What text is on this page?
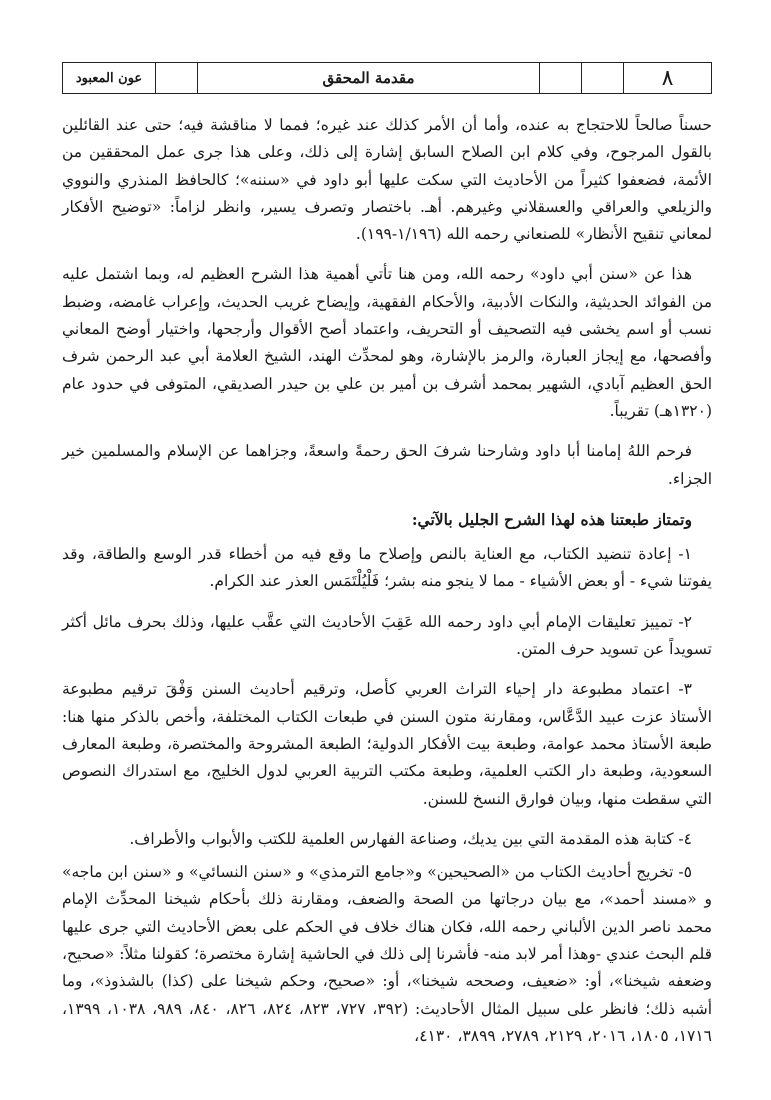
٨
مقدمة المحقق
عون المعبود

حسناً صالحاً للاحتجاج به عنده، وأما أن الأمر كذلك عند غيره؛ فمما لا مناقشة فيه؛ حتى عند القائلين بالقول المرجوح، وفي كلام ابن الصلاح السابق إشارة إلى ذلك، وعلى هذا جرى عمل المحققين من الأئمة، فضعفوا كثيراً من الأحاديث التي سكت عليها أبو داود في «سننه»؛ كالحافظ المنذري والنووي والزيلعي والعراقي والعسقلاني وغيرهم. أهـ. باختصار وتصرف يسير، وانظر لزاماً: «توضيح الأفكار لمعاني تنقيح الأنظار» للصنعاني رحمه الله (١/١٩٦-١٩٩).

هذا عن «سنن أبي داود» رحمه الله، ومن هنا تأتي أهمية هذا الشرح العظيم له، وبما اشتمل عليه من الفوائد الحديثية، والنكات الأدبية، والأحكام الفقهية، وإيضاح غريب الحديث، وإعراب غامضه، وضبط نسب أو اسم يخشى فيه التصحيف أو التحريف، واعتماد أصح الأقوال وأرجحها، واختيار أوضح المعاني وأفصحها، مع إيجاز العبارة، والرمز بالإشارة، وهو لمحدِّث الهند، الشيخ العلامة أبي عبد الرحمن شرف الحق العظيم آبادي، الشهير بمحمد أشرف بن أمير بن علي بن حيدر الصديقي، المتوفى في حدود عام (١٣٢٠هـ) تقريباً.

فرحم اللهُ إمامنا أبا داود وشارحنا شرفَ الحق رحمةً واسعةً، وجزاهما عن الإسلام والمسلمين خير الجزاء.

وتمتاز طبعتنا هذه لهذا الشرح الجليل بالآتي:

١- إعادة تنضيد الكتاب، مع العناية بالنص وإصلاح ما وقع فيه من أخطاء قدر الوسع والطاقة، وقد يفوتنا شيء - أو بعض الأشياء - مما لا ينجو منه بشر؛ فَلْيُلْتَمَس العذر عند الكرام.

٢- تمييز تعليقات الإمام أبي داود رحمه الله عَقِبَ الأحاديث التي عقَّب عليها، وذلك بحرف مائل أكثر تسويداً عن تسويد حرف المتن.

٣- اعتماد مطبوعة دار إحياء التراث العربي كأصل، وترقيم أحاديث السنن وَفْقَ ترقيم مطبوعة الأستاذ عزت عبيد الدَّعَّاس، ومقارنة متون السنن في طبعات الكتاب المختلفة، وأخص بالذكر منها هنا: طبعة الأستاذ محمد عوامة، وطبعة بيت الأفكار الدولية؛ الطبعة المشروحة والمختصرة، وطبعة المعارف السعودية، وطبعة دار الكتب العلمية، وطبعة مكتب التربية العربي لدول الخليج، مع استدراك النصوص التي سقطت منها، وبيان فوارق النسخ للسنن.

٤- كتابة هذه المقدمة التي بين يديك، وصناعة الفهارس العلمية للكتب والأبواب والأطراف.

٥- تخريج أحاديث الكتاب من «الصحيحين» و«جامع الترمذي» و «سنن النسائي» و «سنن ابن ماجه» و «مسند أحمد»، مع بيان درجاتها من الصحة والضعف، ومقارنة ذلك بأحكام شيخنا المحدِّث الإمام محمد ناصر الدين الألباني رحمه الله، فكان هناك خلاف في الحكم على بعض الأحاديث التي جرى عليها قلم البحث عندي -وهذا أمر لابد منه- فأشرنا إلى ذلك في الحاشية إشارة مختصرة؛ كقولنا مثلاً: «صحيح، وضعفه شيخنا»، أو: «ضعيف، وصححه شيخنا»، أو: «صحيح، وحكم شيخنا على (كذا) بالشذوذ»، وما أشبه ذلك؛ فانظر على سبيل المثال الأحاديث: (٣٩٢، ٧٢٧، ٨٢٣، ٨٢٤، ٨٢٦، ٨٤٠، ٩٨٩، ١٠٣٨، ١٣٩٩، ١٧١٦، ١٨٠٥، ٢٠١٦، ٢١٢٩، ٢٧٨٩، ٣٨٩٩، ٤١٣٠،
